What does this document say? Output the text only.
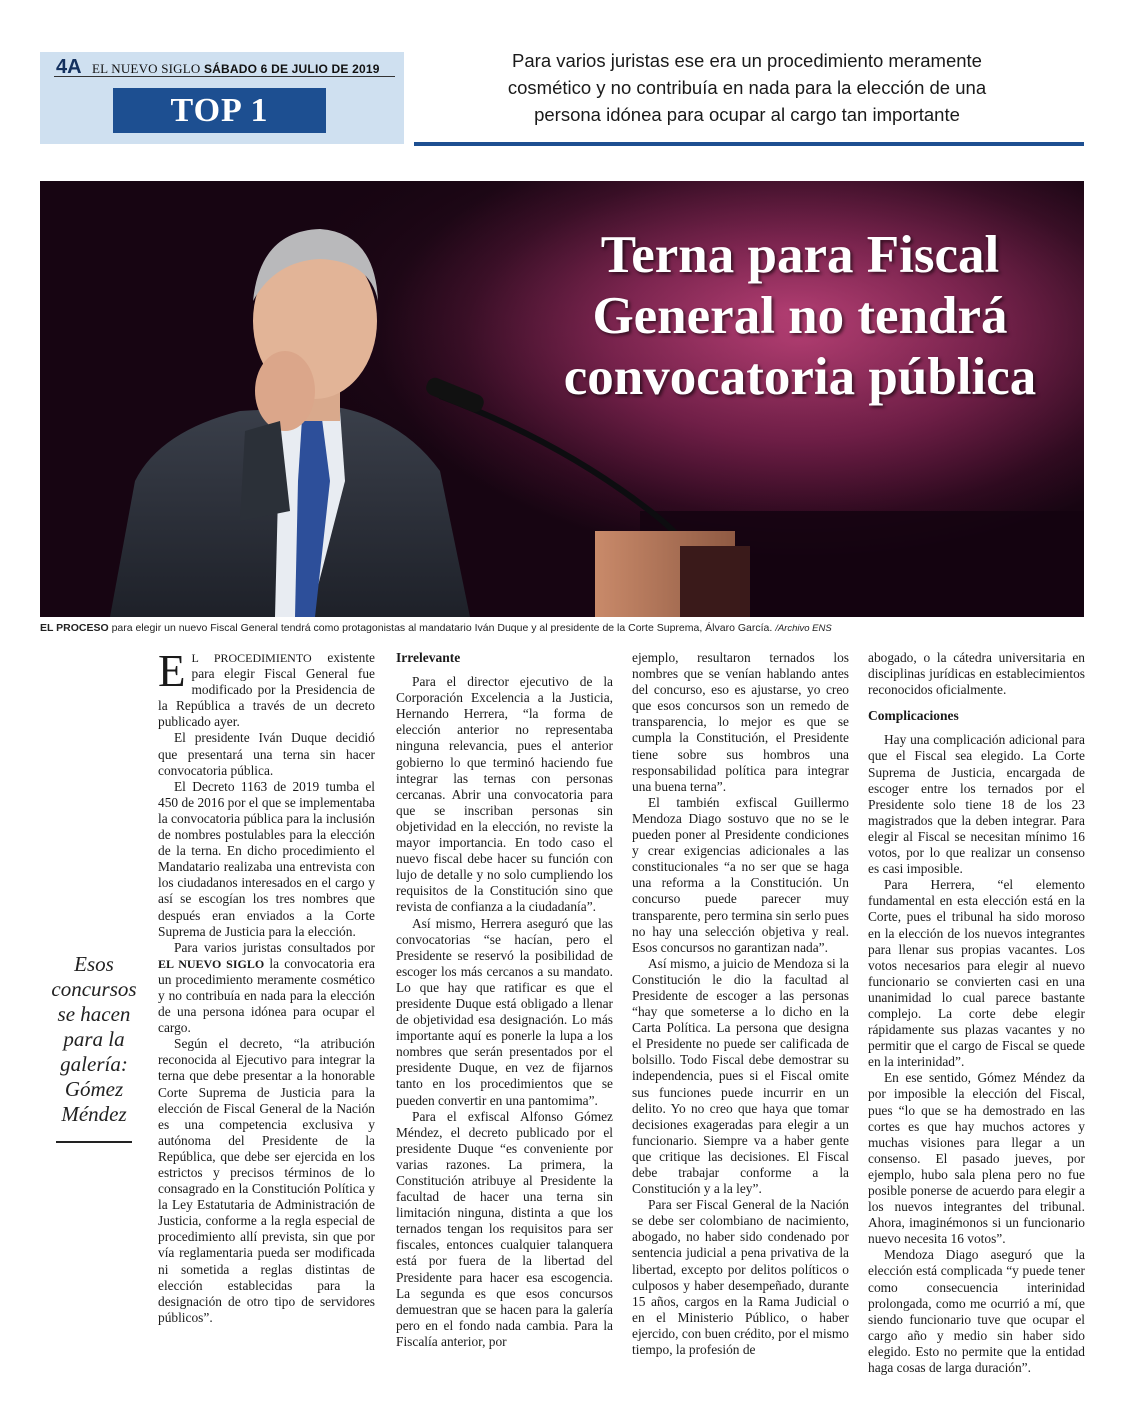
4A EL NUEVO SIGLO SÁBADO 6 DE JULIO DE 2019
TOP 1
Para varios juristas ese era un procedimiento meramente
cosmético y no contribuía en nada para la elección de una
persona idónea para ocupar al cargo tan importante
Terna para Fiscal
General no tendrá
convocatoria pública
EL PROCESO para elegir un nuevo Fiscal General tendrá como protagonistas al mandatario Iván Duque y al presidente de la Corte Suprema, Álvaro García. /Archivo ENS
Esos
concursos
se hacen
para la
galería:
Gómez
Méndez

EL PROCEDIMIENTO existente para elegir Fiscal General fue modificado por la Presidencia de la República a través de un decreto publicado ayer.

El presidente Iván Duque decidió que presentará una terna sin hacer convocatoria pública.

El Decreto 1163 de 2019 tumba el 450 de 2016 por el que se implementaba la convocatoria pública para la inclusión de nombres postulables para la elección de la terna. En dicho procedimiento el Mandatario realizaba una entrevista con los ciudadanos interesados en el cargo y así se escogían los tres nombres que después eran enviados a la Corte Suprema de Justicia para la elección.

Para varios juristas consultados por EL NUEVO SIGLO la convocatoria era un procedimiento meramente cosmético y no contribuía en nada para la elección de una persona idónea para ocupar el cargo.

Según el decreto, “la atribución reconocida al Ejecutivo para integrar la terna que debe presentar a la honorable Corte Suprema de Justicia para la elección de Fiscal General de la Nación es una competencia exclusiva y autónoma del Presidente de la República, que debe ser ejercida en los estrictos y precisos términos de lo consagrado en la Constitución Política y la Ley Estatutaria de Administración de Justicia, conforme a la regla especial de procedimiento allí prevista, sin que por vía reglamentaria pueda ser modificada ni sometida a reglas distintas de elección establecidas para la designación de otro tipo de servidores públicos”.

Irrelevante

Para el director ejecutivo de la Corporación Excelencia a la Justicia, Hernando Herrera, “la forma de elección anterior no representaba ninguna relevancia, pues el anterior gobierno lo que terminó haciendo fue integrar las ternas con personas cercanas. Abrir una convocatoria para que se inscriban personas sin objetividad en la elección, no reviste la mayor importancia. En todo caso el nuevo fiscal debe hacer su función con lujo de detalle y no solo cumpliendo los requisitos de la Constitución sino que revista de confianza a la ciudadanía”.

Así mismo, Herrera aseguró que las convocatorias “se hacían, pero el Presidente se reservó la posibilidad de escoger los más cercanos a su mandato. Lo que hay que ratificar es que el presidente Duque está obligado a llenar de objetividad esa designación. Lo más importante aquí es ponerle la lupa a los nombres que serán presentados por el presidente Duque, en vez de fijarnos tanto en los procedimientos que se pueden convertir en una pantomima”.

Para el exfiscal Alfonso Gómez Méndez, el decreto publicado por el presidente Duque “es conveniente por varias razones. La primera, la Constitución atribuye al Presidente la facultad de hacer una terna sin limitación ninguna, distinta a que los ternados tengan los requisitos para ser fiscales, entonces cualquier talanquera está por fuera de la libertad del Presidente para hacer esa escogencia. La segunda es que esos concursos demuestran que se hacen para la galería pero en el fondo nada cambia. Para la Fiscalía anterior, por

ejemplo, resultaron ternados los nombres que se venían hablando antes del concurso, eso es ajustarse, yo creo que esos concursos son un remedo de transparencia, lo mejor es que se cumpla la Constitución, el Presidente tiene sobre sus hombros una responsabilidad política para integrar una buena terna”.

El también exfiscal Guillermo Mendoza Diago sostuvo que no se le pueden poner al Presidente condiciones y crear exigencias adicionales a las constitucionales “a no ser que se haga una reforma a la Constitución. Un concurso puede parecer muy transparente, pero termina sin serlo pues no hay una selección objetiva y real. Esos concursos no garantizan nada”.

Así mismo, a juicio de Mendoza si la Constitución le dio la facultad al Presidente de escoger a las personas “hay que someterse a lo dicho en la Carta Política. La persona que designa el Presidente no puede ser calificada de bolsillo. Todo Fiscal debe demostrar su independencia, pues si el Fiscal omite sus funciones puede incurrir en un delito. Yo no creo que haya que tomar decisiones exageradas para elegir a un funcionario. Siempre va a haber gente que critique las decisiones. El Fiscal debe trabajar conforme a la Constitución y a la ley”.

Para ser Fiscal General de la Nación se debe ser colombiano de nacimiento, abogado, no haber sido condenado por sentencia judicial a pena privativa de la libertad, excepto por delitos políticos o culposos y haber desempeñado, durante 15 años, cargos en la Rama Judicial o en el Ministerio Público, o haber ejercido, con buen crédito, por el mismo tiempo, la profesión de

abogado, o la cátedra universitaria en disciplinas jurídicas en establecimientos reconocidos oficialmente.

Complicaciones

Hay una complicación adicional para que el Fiscal sea elegido. La Corte Suprema de Justicia, encargada de escoger entre los ternados por el Presidente solo tiene 18 de los 23 magistrados que la deben integrar. Para elegir al Fiscal se necesitan mínimo 16 votos, por lo que realizar un consenso es casi imposible.

Para Herrera, “el elemento fundamental en esta elección está en la Corte, pues el tribunal ha sido moroso en la elección de los nuevos integrantes para llenar sus propias vacantes. Los votos necesarios para elegir al nuevo funcionario se convierten casi en una unanimidad lo cual parece bastante complejo. La corte debe elegir rápidamente sus plazas vacantes y no permitir que el cargo de Fiscal se quede en la interinidad”.

En ese sentido, Gómez Méndez da por imposible la elección del Fiscal, pues “lo que se ha demostrado en las cortes es que hay muchos actores y muchas visiones para llegar a un consenso. El pasado jueves, por ejemplo, hubo sala plena pero no fue posible ponerse de acuerdo para elegir a los nuevos integrantes del tribunal. Ahora, imaginémonos si un funcionario nuevo necesita 16 votos”.

Mendoza Diago aseguró que la elección está complicada “y puede tener como consecuencia interinidad prolongada, como me ocurrió a mí, que siendo funcionario tuve que ocupar el cargo año y medio sin haber sido elegido. Esto no permite que la entidad haga cosas de larga duración”.
